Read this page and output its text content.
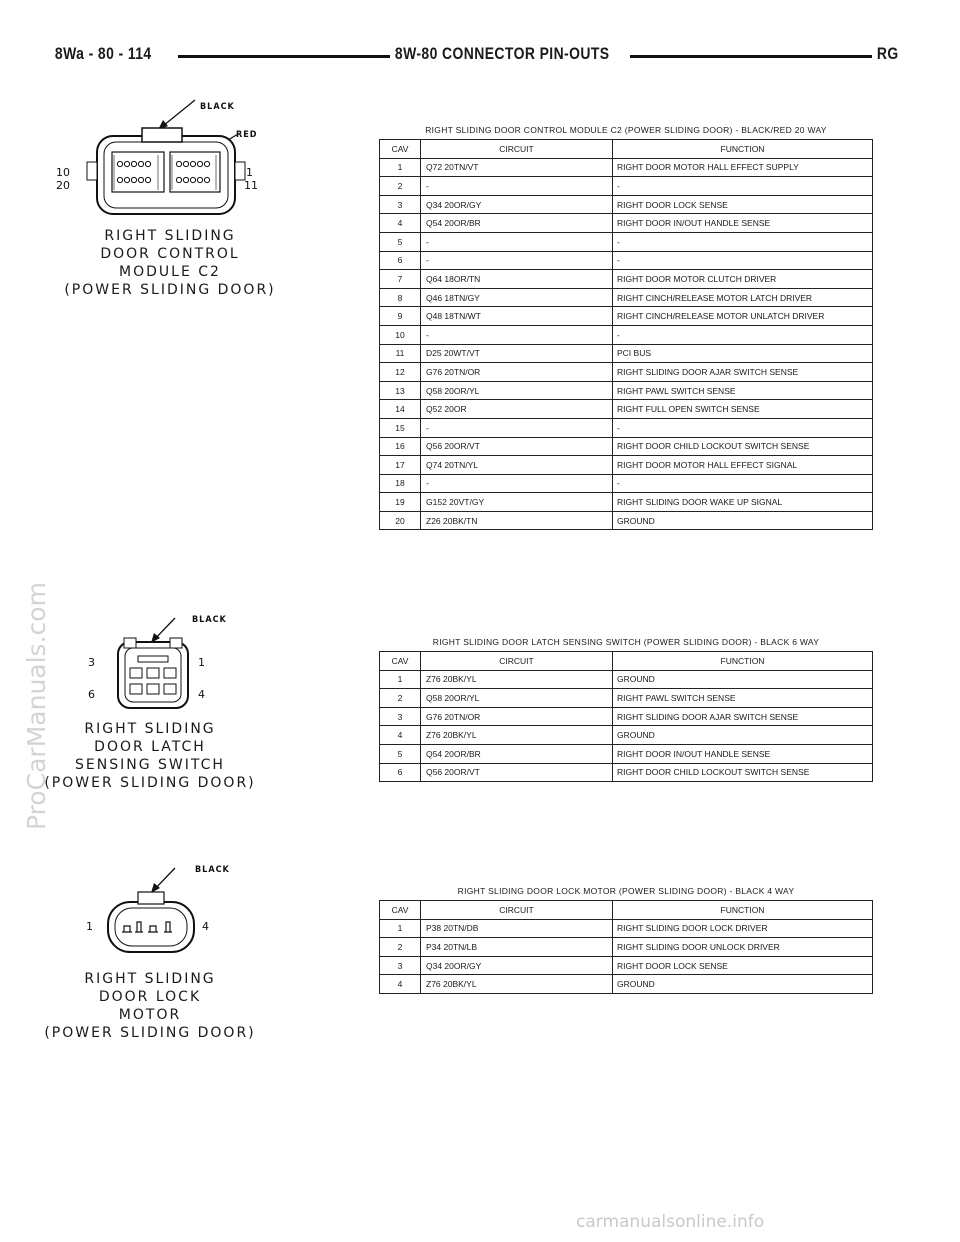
8Wa - 80 - 114	8W-80 CONNECTOR PIN-OUTS	RG
ProCarManuals.com
carmanualsonline.info
BLACK
RED
10
20
1
11
RIGHT SLIDING
DOOR CONTROL
MODULE C2
(POWER SLIDING DOOR)
RIGHT SLIDING DOOR CONTROL MODULE C2 (POWER SLIDING DOOR) - BLACK/RED 20 WAY
CAV	CIRCUIT	FUNCTION
1	Q72 20TN/VT	RIGHT DOOR MOTOR HALL EFFECT SUPPLY
2	-	-
3	Q34 20OR/GY	RIGHT DOOR LOCK SENSE
4	Q54 20OR/BR	RIGHT DOOR IN/OUT HANDLE SENSE
5	-	-
6	-	-
7	Q64 18OR/TN	RIGHT DOOR MOTOR CLUTCH DRIVER
8	Q46 18TN/GY	RIGHT CINCH/RELEASE MOTOR LATCH DRIVER
9	Q48 18TN/WT	RIGHT CINCH/RELEASE MOTOR UNLATCH DRIVER
10	-	-
11	D25 20WT/VT	PCI BUS
12	G76 20TN/OR	RIGHT SLIDING DOOR AJAR SWITCH SENSE
13	Q58 20OR/YL	RIGHT PAWL SWITCH SENSE
14	Q52 20OR	RIGHT FULL OPEN SWITCH SENSE
15	-	-
16	Q56 20OR/VT	RIGHT DOOR CHILD LOCKOUT SWITCH SENSE
17	Q74 20TN/YL	RIGHT DOOR MOTOR HALL EFFECT SIGNAL
18	-	-
19	G152 20VT/GY	RIGHT SLIDING DOOR WAKE UP SIGNAL
20	Z26 20BK/TN	GROUND
BLACK
3
6
1
4
RIGHT SLIDING
DOOR LATCH
SENSING SWITCH
(POWER SLIDING DOOR)
RIGHT SLIDING DOOR LATCH SENSING SWITCH (POWER SLIDING DOOR) - BLACK 6 WAY
CAV	CIRCUIT	FUNCTION
1	Z76 20BK/YL	GROUND
2	Q58 20OR/YL	RIGHT PAWL SWITCH SENSE
3	G76 20TN/OR	RIGHT SLIDING DOOR AJAR SWITCH SENSE
4	Z76 20BK/YL	GROUND
5	Q54 20OR/BR	RIGHT DOOR IN/OUT HANDLE SENSE
6	Q56 20OR/VT	RIGHT DOOR CHILD LOCKOUT SWITCH SENSE
BLACK
1	4
RIGHT SLIDING
DOOR LOCK
MOTOR
(POWER SLIDING DOOR)
RIGHT SLIDING DOOR LOCK MOTOR (POWER SLIDING DOOR) - BLACK 4 WAY
CAV	CIRCUIT	FUNCTION
1	P38 20TN/DB	RIGHT SLIDING DOOR LOCK DRIVER
2	P34 20TN/LB	RIGHT SLIDING DOOR UNLOCK DRIVER
3	Q34 20OR/GY	RIGHT DOOR LOCK SENSE
4	Z76 20BK/YL	GROUND
